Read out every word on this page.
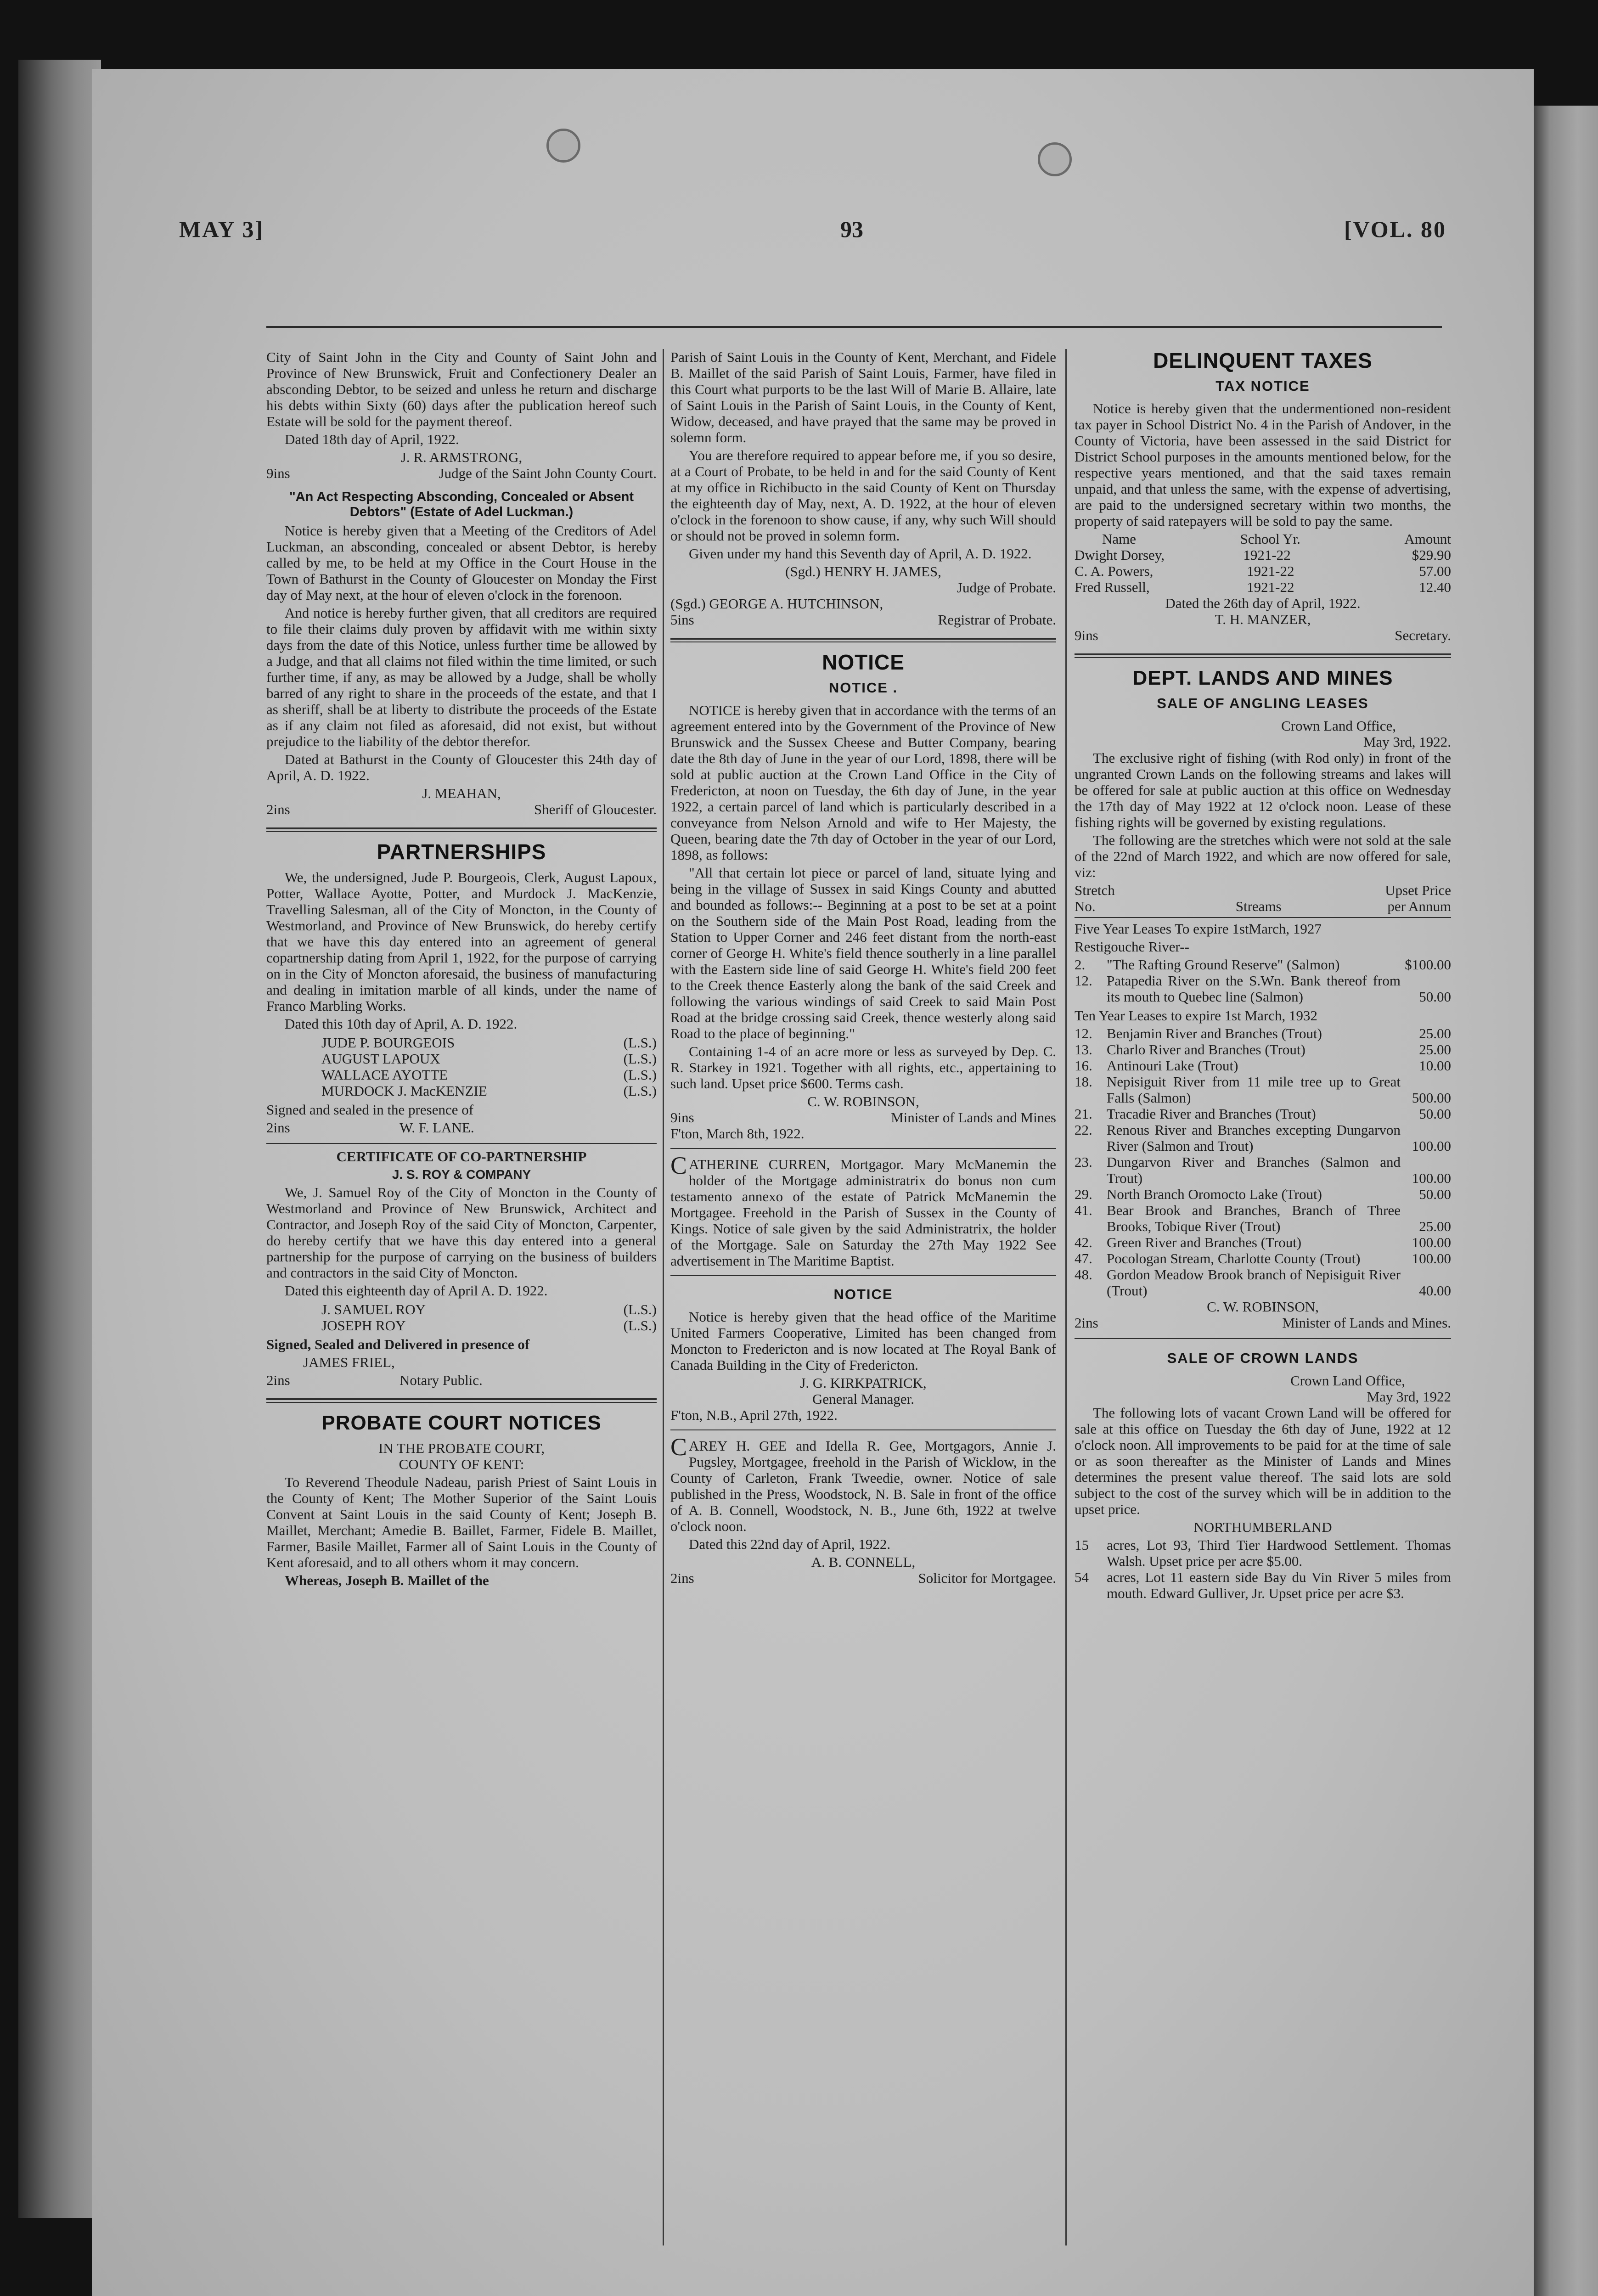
MAY 3]	93	[VOL. 80

City of Saint John in the City and County of Saint John and Province of New Brunswick, Fruit and Confectionery Dealer an absconding Debtor, to be seized and unless he return and discharge his debts within Sixty (60) days after the publication hereof such Estate will be sold for the payment thereof.

Dated 18th day of April, 1922.

J. R. ARMSTRONG,

9ins	Judge of the Saint John County Court.
"An Act Respecting Absconding, Concealed or Absent Debtors" (Estate of Adel Luckman.)

Notice is hereby given that a Meeting of the Creditors of Adel Luckman, an absconding, concealed or absent Debtor, is hereby called by me, to be held at my Office in the Court House in the Town of Bathurst in the County of Gloucester on Monday the First day of May next, at the hour of eleven o'clock in the forenoon.

And notice is hereby further given, that all creditors are required to file their claims duly proven by affidavit with me within sixty days from the date of this Notice, unless further time be allowed by a Judge, and that all claims not filed within the time limited, or such further time, if any, as may be allowed by a Judge, shall be wholly barred of any right to share in the proceeds of the estate, and that I as sheriff, shall be at liberty to distribute the proceeds of the Estate as if any claim not filed as aforesaid, did not exist, but without prejudice to the liability of the debtor therefor.

Dated at Bathurst in the County of Gloucester this 24th day of April, A. D. 1922.

J. MEAHAN,

2ins	Sheriff of Gloucester.
PARTNERSHIPS

We, the undersigned, Jude P. Bourgeois, Clerk, August Lapoux, Potter, Wallace Ayotte, Potter, and Murdock J. MacKenzie, Travelling Salesman, all of the City of Moncton, in the County of Westmorland, and Province of New Brunswick, do hereby certify that we have this day entered into an agreement of general copartnership dating from April 1, 1922, for the purpose of carrying on in the City of Moncton aforesaid, the business of manufacturing and dealing in imitation marble of all kinds, under the name of Franco Marbling Works.

Dated this 10th day of April, A. D. 1922.

JUDE P. BOURGEOIS	(L.S.)
AUGUST LAPOUX	(L.S.)
WALLACE AYOTTE	(L.S.)
MURDOCK J. MacKENZIE	(L.S.)

Signed and sealed in the presence of

2ins	W. F. LANE.
CERTIFICATE OF CO-PARTNERSHIP
J. S. ROY & COMPANY

We, J. Samuel Roy of the City of Moncton in the County of Westmorland and Province of New Brunswick, Architect and Contractor, and Joseph Roy of the said City of Moncton, Carpenter, do hereby certify that we have this day entered into a general partnership for the purpose of carrying on the business of builders and contractors in the said City of Moncton.

Dated this eighteenth day of April A. D. 1922.

J. SAMUEL ROY	(L.S.)
JOSEPH ROY	(L.S.)

Signed, Sealed and Delivered in presence of

JAMES FRIEL,

2ins	Notary Public.
PROBATE COURT NOTICES
IN THE PROBATE COURT,
COUNTY OF KENT:

To Reverend Theodule Nadeau, parish Priest of Saint Louis in the County of Kent; The Mother Superior of the Saint Louis Convent at Saint Louis in the said County of Kent; Joseph B. Maillet, Merchant; Amedie B. Baillet, Farmer, Fidele B. Maillet, Farmer, Basile Maillet, Farmer all of Saint Louis in the County of Kent aforesaid, and to all others whom it may concern.

Whereas, Joseph B. Maillet of the

Parish of Saint Louis in the County of Kent, Merchant, and Fidele B. Maillet of the said Parish of Saint Louis, Farmer, have filed in this Court what purports to be the last Will of Marie B. Allaire, late of Saint Louis in the Parish of Saint Louis, in the County of Kent, Widow, deceased, and have prayed that the same may be proved in solemn form.

You are therefore required to appear before me, if you so desire, at a Court of Probate, to be held in and for the said County of Kent at my office in Richibucto in the said County of Kent on Thursday the eighteenth day of May, next, A. D. 1922, at the hour of eleven o'clock in the forenoon to show cause, if any, why such Will should or should not be proved in solemn form.

Given under my hand this Seventh day of April, A. D. 1922.

(Sgd.) HENRY H. JAMES,

Judge of Probate.

(Sgd.) GEORGE A. HUTCHINSON,

5ins	Registrar of Probate.
NOTICE
NOTICE .

NOTICE is hereby given that in accordance with the terms of an agreement entered into by the Government of the Province of New Brunswick and the Sussex Cheese and Butter Company, bearing date the 8th day of June in the year of our Lord, 1898, there will be sold at public auction at the Crown Land Office in the City of Fredericton, at noon on Tuesday, the 6th day of June, in the year 1922, a certain parcel of land which is particularly described in a conveyance from Nelson Arnold and wife to Her Majesty, the Queen, bearing date the 7th day of October in the year of our Lord, 1898, as follows:

"All that certain lot piece or parcel of land, situate lying and being in the village of Sussex in said Kings County and abutted and bounded as follows:-- Beginning at a post to be set at a point on the Southern side of the Main Post Road, leading from the Station to Upper Corner and 246 feet distant from the north-east corner of George H. White's field thence southerly in a line parallel with the Eastern side line of said George H. White's field 200 feet to the Creek thence Easterly along the bank of the said Creek and following the various windings of said Creek to said Main Post Road at the bridge crossing said Creek, thence westerly along said Road to the place of beginning."

Containing 1-4 of an acre more or less as surveyed by Dep. C. R. Starkey in 1921. Together with all rights, etc., appertaining to such land. Upset price $600. Terms cash.

C. W. ROBINSON,

9ins	Minister of Lands and Mines

F'ton, March 8th, 1922.

CATHERINE CURREN, Mortgagor. Mary McManemin the holder of the Mortgage administratrix do bonus non cum testamento annexo of the estate of Patrick McManemin the Mortgagee. Freehold in the Parish of Sussex in the County of Kings. Notice of sale given by the said Administratrix, the holder of the Mortgage. Sale on Saturday the 27th May 1922 See advertisement in The Maritime Baptist.

NOTICE

Notice is hereby given that the head office of the Maritime United Farmers Cooperative, Limited has been changed from Moncton to Fredericton and is now located at The Royal Bank of Canada Building in the City of Fredericton.

J. G. KIRKPATRICK,

General Manager.

F'ton, N.B., April 27th, 1922.

CAREY H. GEE and Idella R. Gee, Mortgagors, Annie J. Pugsley, Mortgagee, freehold in the Parish of Wicklow, in the County of Carleton, Frank Tweedie, owner. Notice of sale published in the Press, Woodstock, N. B. Sale in front of the office of A. B. Connell, Woodstock, N. B., June 6th, 1922 at twelve o'clock noon.

Dated this 22nd day of April, 1922.

A. B. CONNELL,

2ins	Solicitor for Mortgagee.
DELINQUENT TAXES
TAX NOTICE

Notice is hereby given that the undermentioned non-resident tax payer in School District No. 4 in the Parish of Andover, in the County of Victoria, have been assessed in the said District for District School purposes in the amounts mentioned below, for the respective years mentioned, and that the said taxes remain unpaid, and that unless the same, with the expense of advertising, are paid to the undersigned secretary within two months, the property of said ratepayers will be sold to pay the same.

Name	School Yr.	Amount
Dwight Dorsey,	1921-22	$29.90
C. A. Powers,	1921-22	57.00
Fred Russell,	1921-22	12.40

Dated the 26th day of April, 1922.

T. H. MANZER,

9ins	Secretary.
DEPT. LANDS AND MINES
SALE OF ANGLING LEASES

Crown Land Office,

May 3rd, 1922.

The exclusive right of fishing (with Rod only) in front of the ungranted Crown Lands on the following streams and lakes will be offered for sale at public auction at this office on Wednesday the 17th day of May 1922 at 12 o'clock noon. Lease of these fishing rights will be governed by existing regulations.

The following are the stretches which were not sold at the sale of the 22nd of March 1922, and which are now offered for sale, viz:

Stretch	Upset Price
No.	Streams	per Annum

Five Year Leases To expire 1stMarch, 1927

Restigouche River--

2.	"The Rafting Ground Reserve" (Salmon)	$100.00
12.	Patapedia River on the S.Wn. Bank thereof from its mouth to Quebec line (Salmon)	50.00

Ten Year Leases to expire 1st March, 1932

12.	Benjamin River and Branches (Trout)	25.00
13.	Charlo River and Branches (Trout)	25.00
16.	Antinouri Lake (Trout)	10.00
18.	Nepisiguit River from 11 mile tree up to Great Falls (Salmon)	500.00
21.	Tracadie River and Branches (Trout)	50.00
22.	Renous River and Branches excepting Dungarvon River (Salmon and Trout)	100.00
23.	Dungarvon River and Branches (Salmon and Trout)	100.00
29.	North Branch Oromocto Lake (Trout)	50.00
41.	Bear Brook and Branches, Branch of Three Brooks, Tobique River (Trout)	25.00
42.	Green River and Branches (Trout)	100.00
47.	Pocologan Stream, Charlotte County (Trout)	100.00
48.	Gordon Meadow Brook branch of Nepisiguit River (Trout)	40.00

C. W. ROBINSON,

2ins	Minister of Lands and Mines.
SALE OF CROWN LANDS

Crown Land Office,

May 3rd, 1922

The following lots of vacant Crown Land will be offered for sale at this office on Tuesday the 6th day of June, 1922 at 12 o'clock noon. All improvements to be paid for at the time of sale or as soon thereafter as the Minister of Lands and Mines determines the present value thereof. The said lots are sold subject to the cost of the survey which will be in addition to the upset price.

NORTHUMBERLAND
15	acres, Lot 93, Third Tier Hardwood Settlement. Thomas Walsh. Upset price per acre $5.00.
54	acres, Lot 11 eastern side Bay du Vin River 5 miles from mouth. Edward Gulliver, Jr. Upset price per acre $3.
